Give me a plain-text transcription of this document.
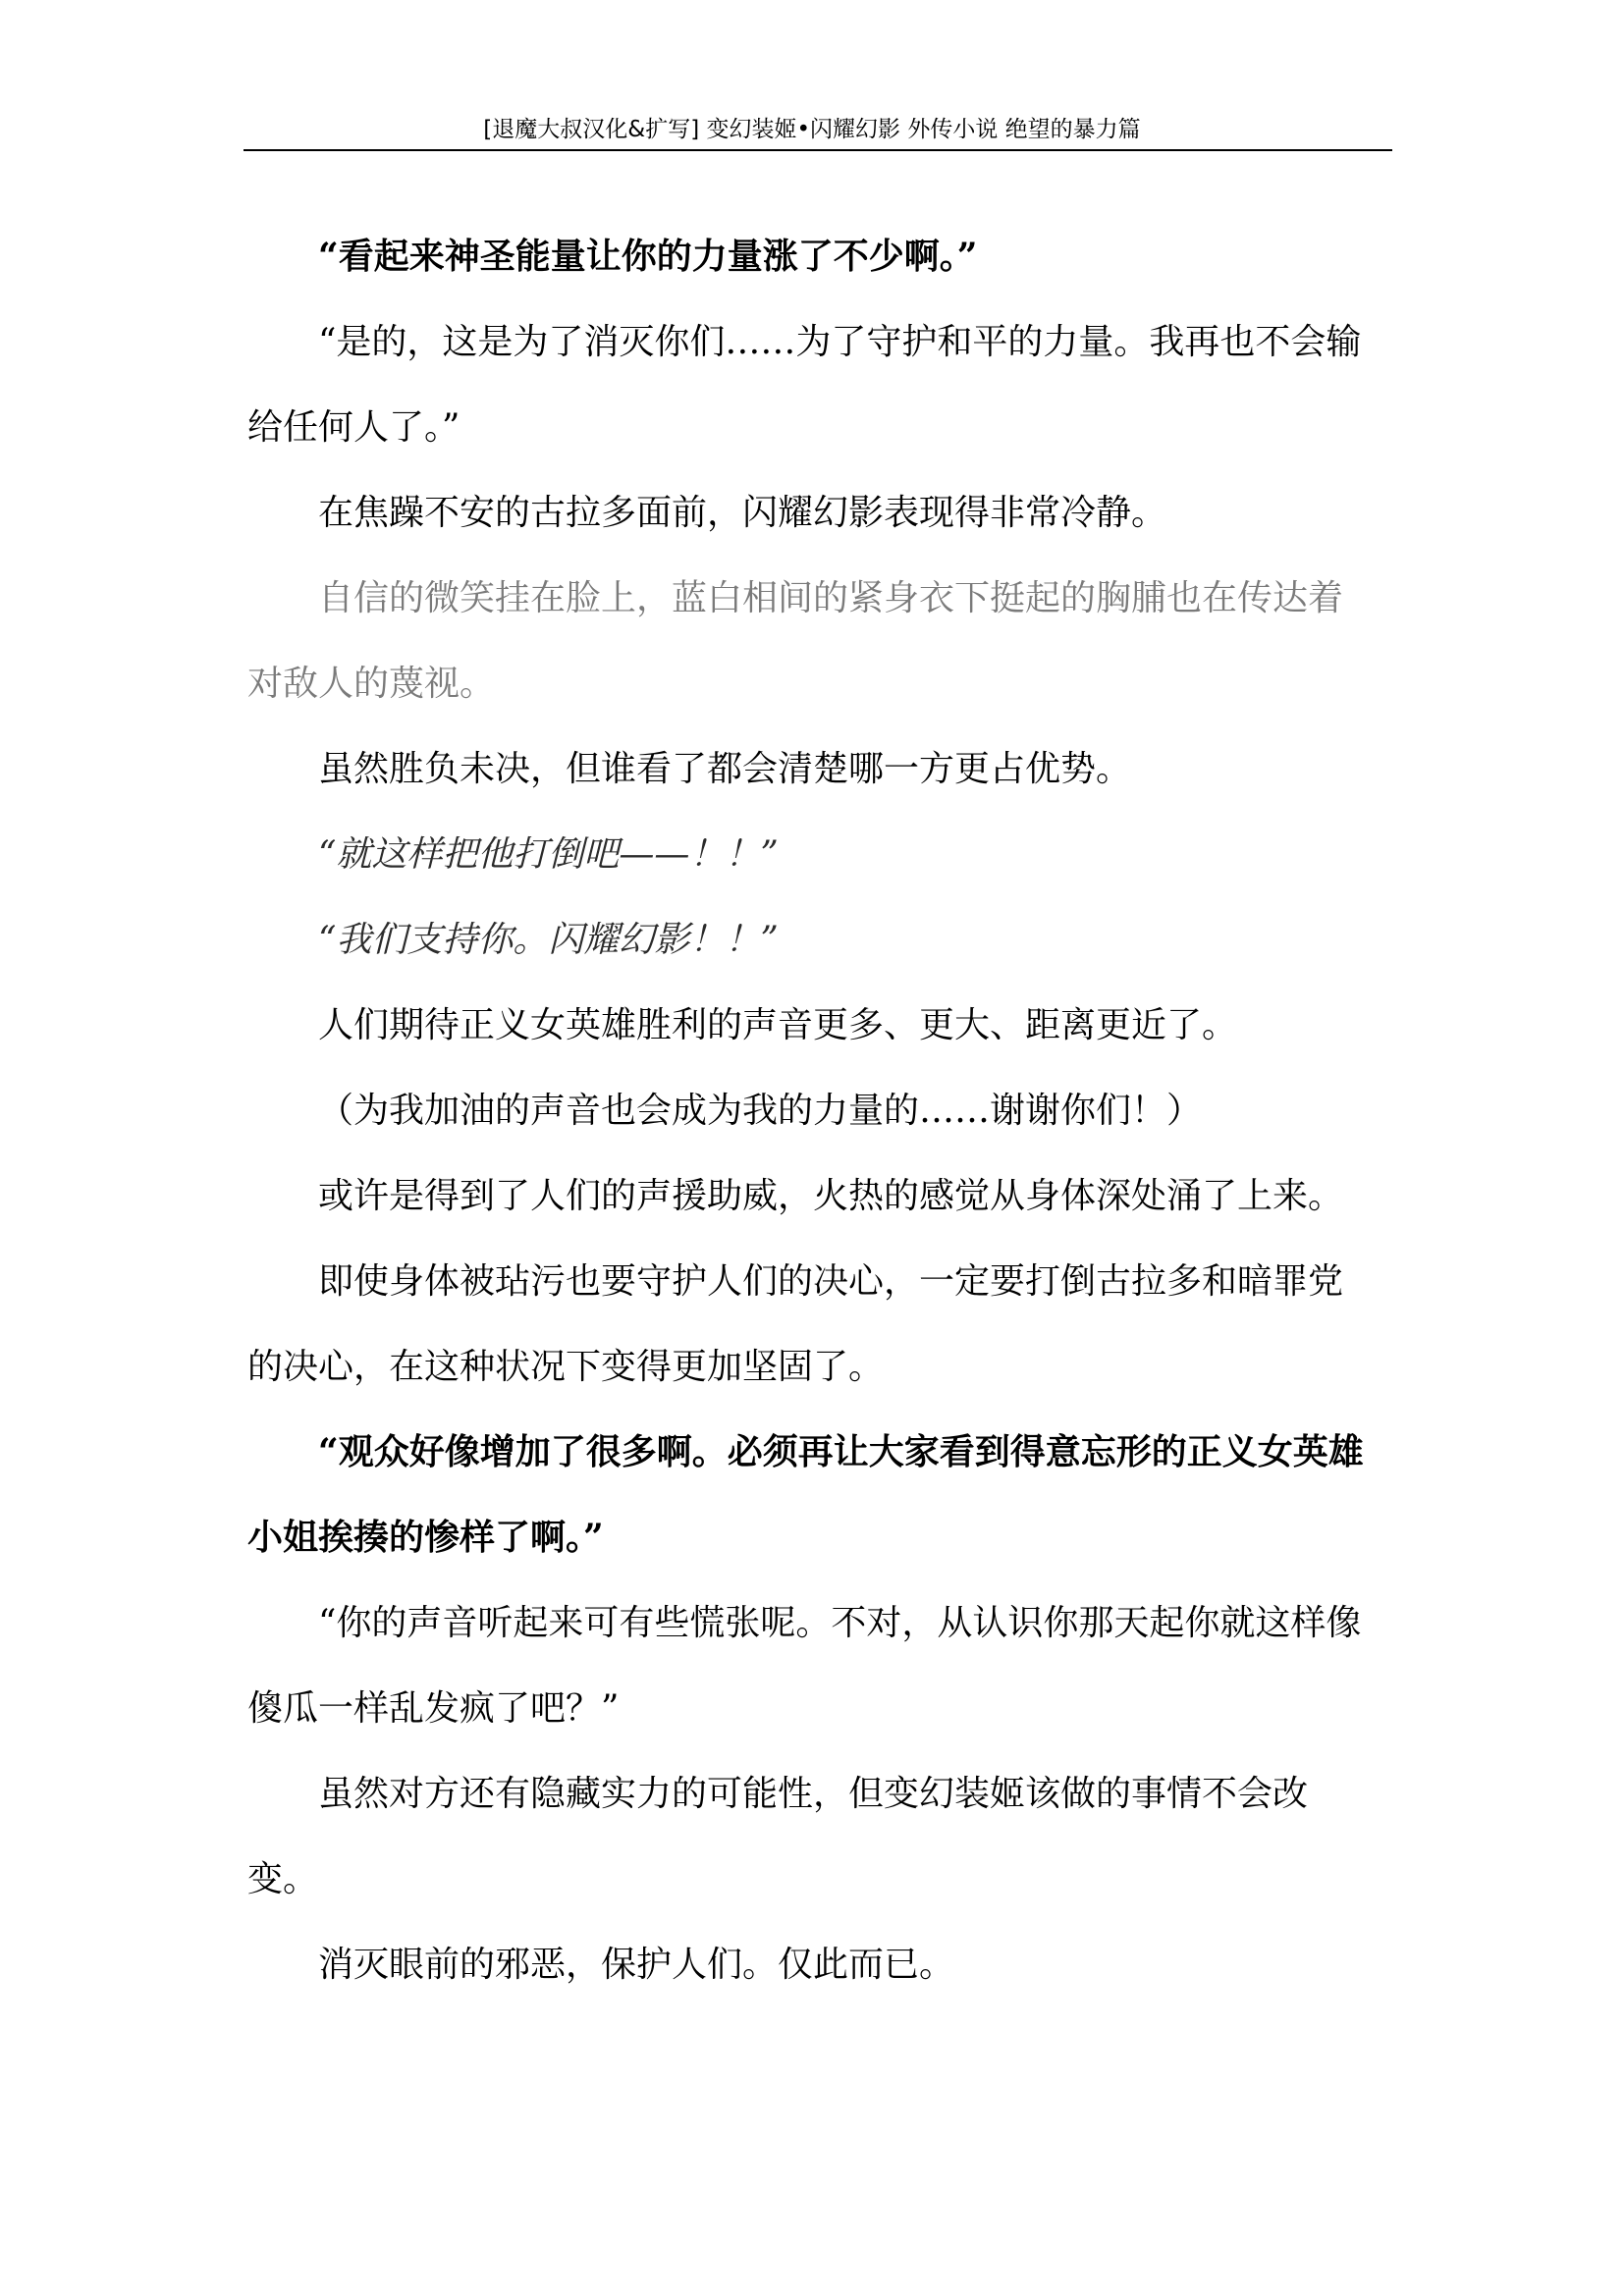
[退魔大叔汉化&扩写] 变幻装姬•闪耀幻影 外传小说 绝望的暴力篇

“看起来神圣能量让你的力量涨了不少啊。”

“是的，这是为了消灭你们……为了守护和平的力量。我再也不会输给任何人了。”

在焦躁不安的古拉多面前，闪耀幻影表现得非常冷静。

自信的微笑挂在脸上，蓝白相间的紧身衣下挺起的胸脯也在传达着对敌人的蔑视。

虽然胜负未决，但谁看了都会清楚哪一方更占优势。

“就这样把他打倒吧——！！”

“我们支持你。闪耀幻影！！”

人们期待正义女英雄胜利的声音更多、更大、距离更近了。

（为我加油的声音也会成为我的力量的……谢谢你们！）

或许是得到了人们的声援助威，火热的感觉从身体深处涌了上来。

即使身体被玷污也要守护人们的决心，一定要打倒古拉多和暗罪党的决心，在这种状况下变得更加坚固了。

“观众好像增加了很多啊。必须再让大家看到得意忘形的正义女英雄小姐挨揍的惨样了啊。”

“你的声音听起来可有些慌张呢。不对，从认识你那天起你就这样像傻瓜一样乱发疯了吧？”

虽然对方还有隐藏实力的可能性，但变幻装姬该做的事情不会改变。

消灭眼前的邪恶，保护人们。仅此而已。
